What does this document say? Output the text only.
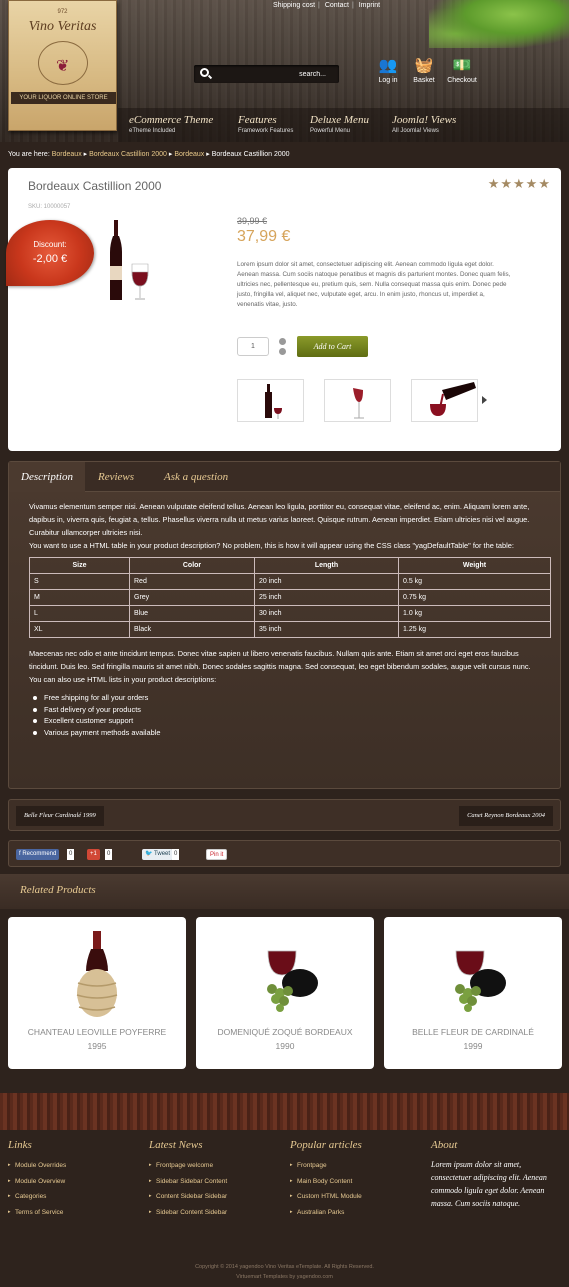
Shipping cost | Contact | Imprint
972
Vino Veritas
❦
YOUR LIQUOR ONLINE STORE
search...
👥
Log in
🧺
Basket
💵
Checkout
eCommerce Theme
eTheme Included
Features
Framework Features
Deluxe Menu
Powerful Menu
Joomla! Views
All Joomla! Views
You are here: Bordeaux ▸ Bordeaux Castillion 2000 ▸ Bordeaux ▸ Bordeaux Castillion 2000
Bordeaux Castillion 2000
SKU: 10000057
★★★★★
Discount:
-2,00 €
39,99 €
37,99 €
Lorem ipsum dolor sit amet, consectetuer adipiscing elit. Aenean commodo ligula eget dolor. Aenean massa. Cum sociis natoque penatibus et magnis dis parturient montes. Donec quam felis, ultricies nec, pellentesque eu, pretium quis, sem. Nulla consequat massa quis enim. Donec pede justo, fringilla vel, aliquet nec, vulputate eget, arcu. In enim justo, rhoncus ut, imperdiet a, venenatis vitae, justo.
1	Add to Cart
Description	Reviews	Ask a question

Vivamus elementum semper nisi. Aenean vulputate eleifend tellus. Aenean leo ligula, porttitor eu, consequat vitae, eleifend ac, enim. Aliquam lorem ante, dapibus in, viverra quis, feugiat a, tellus. Phasellus viverra nulla ut metus varius laoreet. Quisque rutrum. Aenean imperdiet. Etiam ultricies nisi vel augue. Curabitur ullamcorper ultricies nisi.

You want to use a HTML table in your product description? No problem, this is how it will appear using the CSS class "yagDefaultTable" for the table:

Size	Color	Length	Weight
S	Red	20 inch	0.5 kg
M	Grey	25 inch	0.75 kg
L	Blue	30 inch	1.0 kg
XL	Black	35 inch	1.25 kg

Maecenas nec odio et ante tincidunt tempus. Donec vitae sapien ut libero venenatis faucibus. Nullam quis ante. Etiam sit amet orci eget eros faucibus tincidunt. Duis leo. Sed fringilla mauris sit amet nibh. Donec sodales sagittis magna. Sed consequat, leo eget bibendum sodales, augue velit cursus nunc.

You can also use HTML lists in your product descriptions:

Free shipping for all your orders
Fast delivery of your products
Excellent customer support
Various payment methods available
Belle Fleur Cardinalé 1999	Canet Reynon Bordeaux 2004
f Recommend	0	+1	0	🐦 Tweet 0	Pin it
Related Products
CHANTEAU LEOVILLE POYFERRE
1995
DOMENIQUÉ ZOQUÉ BORDEAUX
1990
BELLE FLEUR DE CARDINALÉ
1999
Links
▸ Module Overrides
▸ Module Overview
▸ Categories
▸ Terms of Service
Latest News
▸ Frontpage welcome
▸ Sidebar Sidebar Content
▸ Content Sidebar Sidebar
▸ Sidebar Content Sidebar
Popular articles
▸ Frontpage
▸ Main Body Content
▸ Custom HTML Module
▸ Australian Parks
About
Lorem ipsum dolor sit amet, consectetuer adipiscing elit. Aenean commodo ligula eget dolor. Aenean massa. Cum sociis natoque.
Copyright © 2014 yagendoo Vino Veritas eTemplate. All Rights Reserved.
Virtuemart Templates by yagendoo.com
